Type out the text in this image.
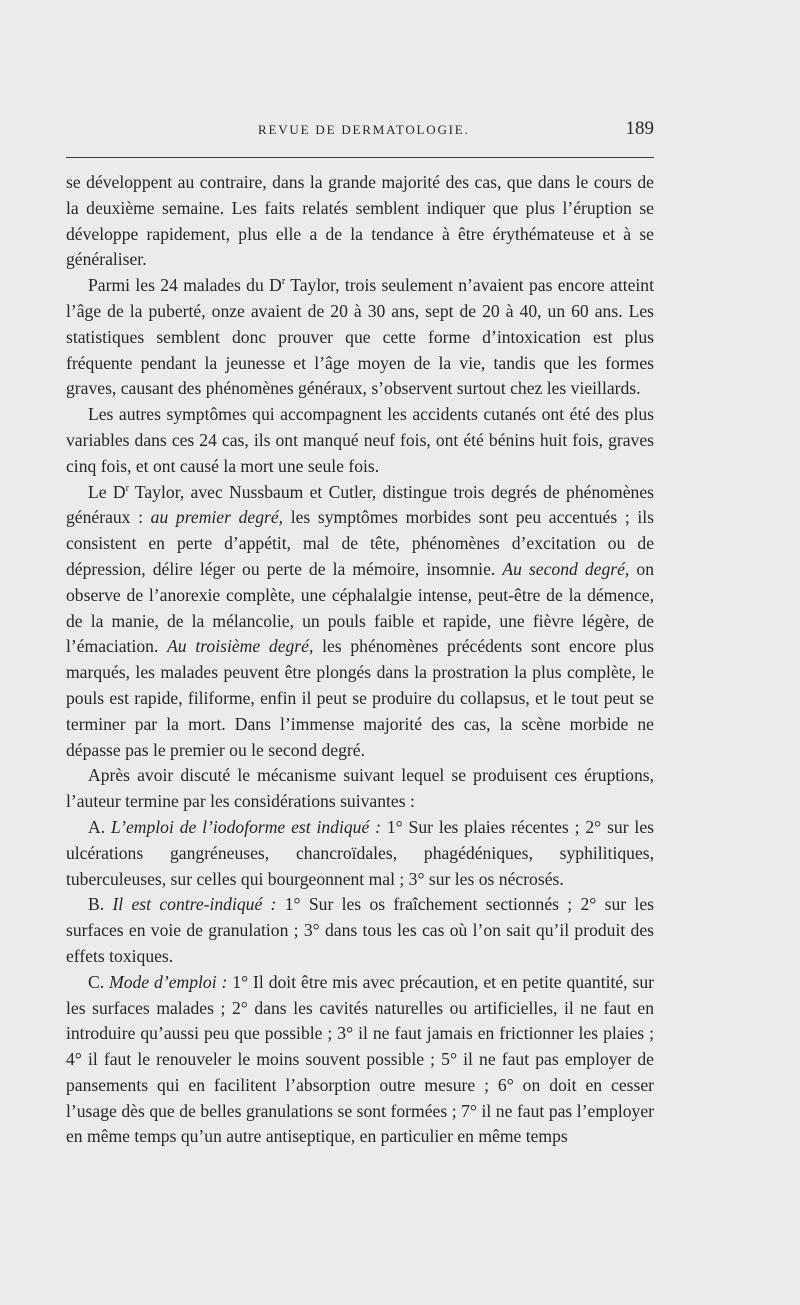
REVUE DE DERMATOLOGIE.	189

se développent au contraire, dans la grande majorité des cas, que dans le cours de la deuxième semaine. Les faits relatés semblent indiquer que plus l’éruption se développe rapidement, plus elle a de la tendance à être érythémateuse et à se généraliser.

Parmi les 24 malades du $D^r$ Taylor, trois seulement n’avaient pas encore atteint l’âge de la puberté, onze avaient de 20 à 30 ans, sept de 20 à 40, un 60 ans. Les statistiques semblent donc prouver que cette forme d’intoxication est plus fréquente pendant la jeunesse et l’âge moyen de la vie, tandis que les formes graves, causant des phénomènes généraux, s’observent surtout chez les vieillards.

Les autres symptômes qui accompagnent les accidents cutanés ont été des plus variables dans ces 24 cas, ils ont manqué neuf fois, ont été bénins huit fois, graves cinq fois, et ont causé la mort une seule fois.

Le $D^r$ Taylor, avec Nussbaum et Cutler, distingue trois degrés de phénomènes généraux : au premier degré, les symptômes morbides sont peu accentués ; ils consistent en perte d’appétit, mal de tête, phénomènes d’excitation ou de dépression, délire léger ou perte de la mémoire, insomnie. Au second degré, on observe de l’anorexie complète, une céphalalgie intense, peut-être de la démence, de la manie, de la mélancolie, un pouls faible et rapide, une fièvre légère, de l’émaciation. Au troisième degré, les phénomènes précédents sont encore plus marqués, les malades peuvent être plongés dans la prostration la plus complète, le pouls est rapide, filiforme, enfin il peut se produire du collapsus, et le tout peut se terminer par la mort. Dans l’immense majorité des cas, la scène morbide ne dépasse pas le premier ou le second degré.

Après avoir discuté le mécanisme suivant lequel se produisent ces éruptions, l’auteur termine par les considérations suivantes :

A. L’emploi de l’iodoforme est indiqué : 1° Sur les plaies récentes ; 2° sur les ulcérations gangréneuses, chancroïdales, phagédéniques, syphilitiques, tuberculeuses, sur celles qui bourgeonnent mal ; 3° sur les os nécrosés.

B. Il est contre-indiqué : 1° Sur les os fraîchement sectionnés ; 2° sur les surfaces en voie de granulation ; 3° dans tous les cas où l’on sait qu’il produit des effets toxiques.

C. Mode d’emploi : 1° Il doit être mis avec précaution, et en petite quantité, sur les surfaces malades ; 2° dans les cavités naturelles ou artificielles, il ne faut en introduire qu’aussi peu que possible ; 3° il ne faut jamais en frictionner les plaies ; 4° il faut le renouveler le moins souvent possible ; 5° il ne faut pas employer de pansements qui en facilitent l’absorption outre mesure ; 6° on doit en cesser l’usage dès que de belles granulations se sont formées ; 7° il ne faut pas l’employer en même temps qu’un autre antiseptique, en particulier en même temps
